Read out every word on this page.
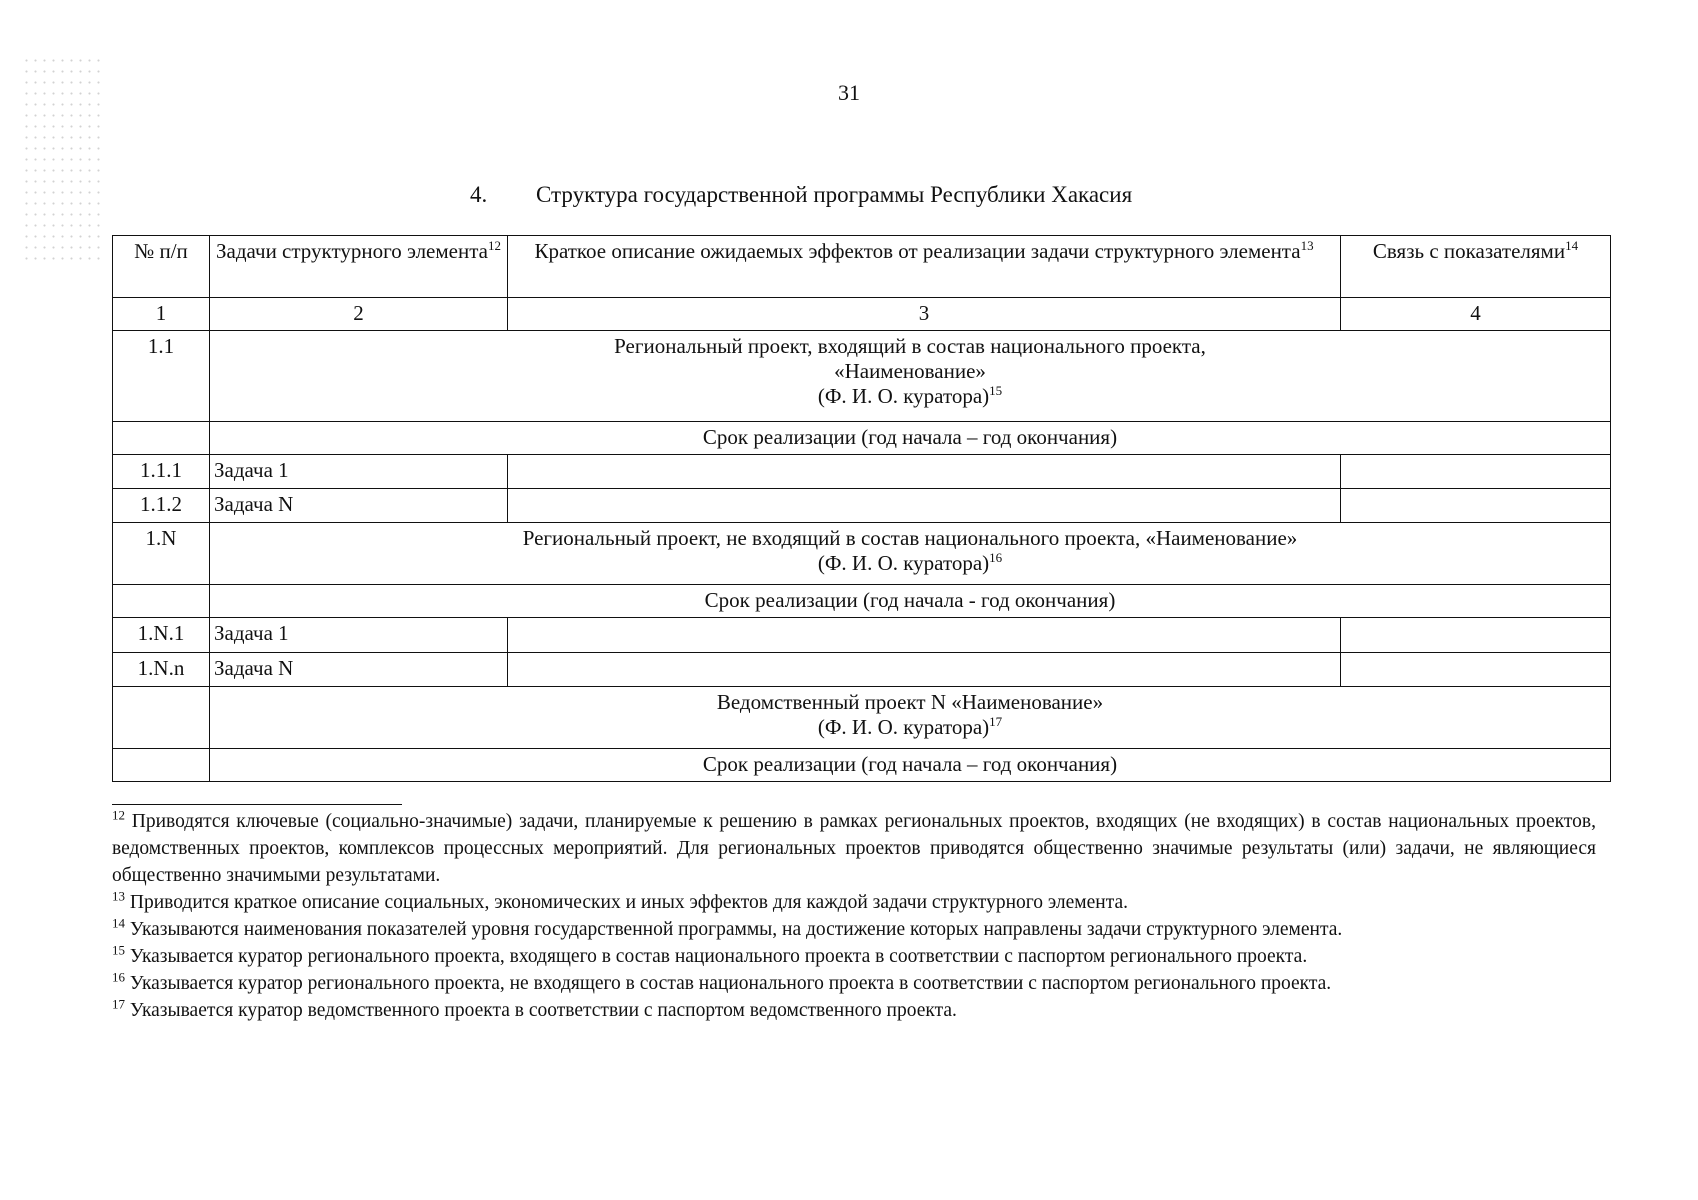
31
4. Структура государственной программы Республики Хакасия
№ п/п	Задачи структурного элемента$^{12}$	Краткое описание ожидаемых эффектов от реализации задачи структурного элемента$^{13}$	Связь с показателями$^{14}$
1	2	3	4
1.1	Региональный проект, входящий в состав национального проекта,
«Наименование»
(Ф. И. О. куратора)$^{15}$

	Срок реализации (год начала – год окончания)		
1.1.1	Задача 1		
1.1.2	Задача N		
1.N	Региональный проект, не входящий в состав национального проекта, «Наименование»
(Ф. И. О. куратора)$^{16}$

	Срок реализации (год начала - год окончания)		
1.N.1	Задача 1		
1.N.n	Задача N		

	Ведомственный проект N «Наименование»
(Ф. И. О. куратора)$^{17}$

	Срок реализации (год начала – год окончания)		

$^{12}$ Приводятся ключевые (социально-значимые) задачи, планируемые к решению в рамках региональных проектов, входящих (не входящих) в состав национальных проектов, ведомственных проектов, комплексов процессных мероприятий. Для региональных проектов приводятся общественно значимые результаты (или) задачи, не являющиеся общественно значимыми результатами.

$^{13}$ Приводится краткое описание социальных, экономических и иных эффектов для каждой задачи структурного элемента.

$^{14}$ Указываются наименования показателей уровня государственной программы, на достижение которых направлены задачи структурного элемента.

$^{15}$ Указывается куратор регионального проекта, входящего в состав национального проекта в соответствии с паспортом регионального проекта.

$^{16}$ Указывается куратор регионального проекта, не входящего в состав национального проекта в соответствии с паспортом регионального проекта.

$^{17}$ Указывается куратор ведомственного проекта в соответствии с паспортом ведомственного проекта.
